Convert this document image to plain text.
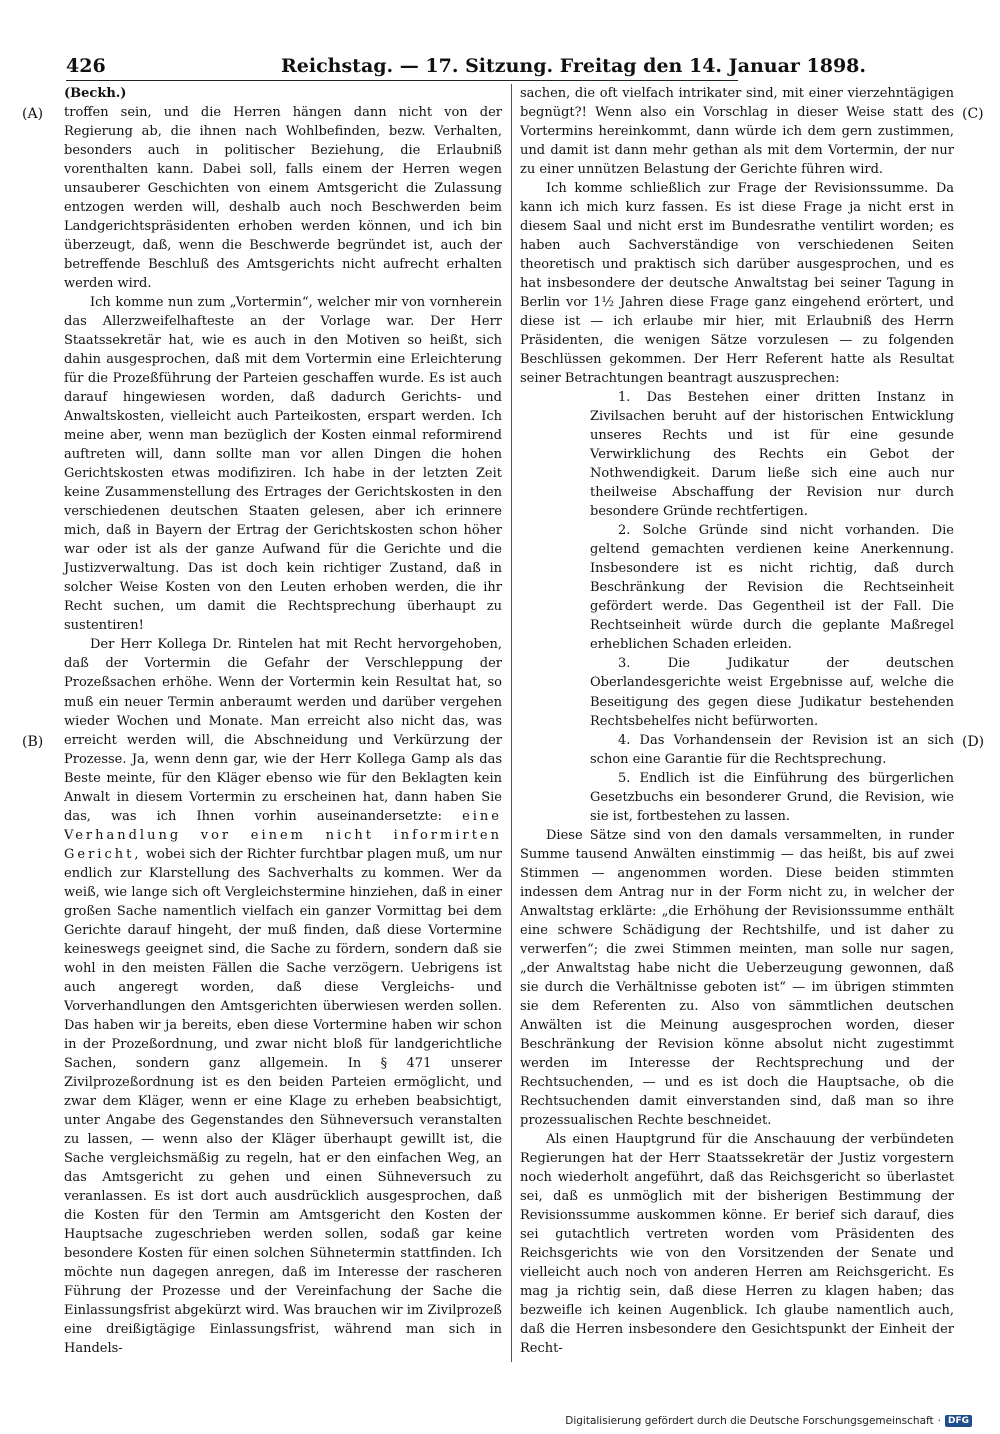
426	Reichstag. — 17. Sitzung. Freitag den 14. Januar 1898.
(A)
(B)
(C)
(D)

(Beckh.)

troffen sein, und die Herren hängen dann nicht von der Regierung ab, die ihnen nach Wohlbefinden, bezw. Verhalten, besonders auch in politischer Beziehung, die Erlaubniß vorenthalten kann. Dabei soll, falls einem der Herren wegen unsauberer Geschichten von einem Amtsgericht die Zulassung entzogen werden will, deshalb auch noch Beschwerden beim Landgerichtspräsidenten erhoben werden können, und ich bin überzeugt, daß, wenn die Beschwerde begründet ist, auch der betreffende Beschluß des Amtsgerichts nicht aufrecht erhalten werden wird.

Ich komme nun zum „Vortermin“, welcher mir von vornherein das Allerzweifelhafteste an der Vorlage war. Der Herr Staatssekretär hat, wie es auch in den Motiven so heißt, sich dahin ausgesprochen, daß mit dem Vortermin eine Erleichterung für die Prozeßführung der Parteien geschaffen wurde. Es ist auch darauf hingewiesen worden, daß dadurch Gerichts- und Anwaltskosten, vielleicht auch Parteikosten, erspart werden. Ich meine aber, wenn man bezüglich der Kosten einmal reformirend auftreten will, dann sollte man vor allen Dingen die hohen Gerichtskosten etwas modifiziren. Ich habe in der letzten Zeit keine Zusammenstellung des Ertrages der Gerichtskosten in den verschiedenen deutschen Staaten gelesen, aber ich erinnere mich, daß in Bayern der Ertrag der Gerichtskosten schon höher war oder ist als der ganze Aufwand für die Gerichte und die Justizverwaltung. Das ist doch kein richtiger Zustand, daß in solcher Weise Kosten von den Leuten erhoben werden, die ihr Recht suchen, um damit die Rechtsprechung überhaupt zu sustentiren!

Der Herr Kollega Dr. Rintelen hat mit Recht hervorgehoben, daß der Vortermin die Gefahr der Verschleppung der Prozeßsachen erhöhe. Wenn der Vortermin kein Resultat hat, so muß ein neuer Termin anberaumt werden und darüber vergehen wieder Wochen und Monate. Man erreicht also nicht das, was erreicht werden will, die Abschneidung und Verkürzung der Prozesse. Ja, wenn denn gar, wie der Herr Kollega Gamp als das Beste meinte, für den Kläger ebenso wie für den Beklagten kein Anwalt in diesem Vortermin zu erscheinen hat, dann haben Sie das, was ich Ihnen vorhin auseinandersetzte: eine Verhandlung vor einem nicht informirten Gericht, wobei sich der Richter furchtbar plagen muß, um nur endlich zur Klarstellung des Sachverhalts zu kommen. Wer da weiß, wie lange sich oft Vergleichstermine hinziehen, daß in einer großen Sache namentlich vielfach ein ganzer Vormittag bei dem Gerichte darauf hingeht, der muß finden, daß diese Vortermine keineswegs geeignet sind, die Sache zu fördern, sondern daß sie wohl in den meisten Fällen die Sache verzögern. Uebrigens ist auch angeregt worden, daß diese Vergleichs- und Vorverhandlungen den Amtsgerichten überwiesen werden sollen. Das haben wir ja bereits, eben diese Vortermine haben wir schon in der Prozeßordnung, und zwar nicht bloß für landgerichtliche Sachen, sondern ganz allgemein. In § 471 unserer Zivilprozeßordnung ist es den beiden Parteien ermöglicht, und zwar dem Kläger, wenn er eine Klage zu erheben beabsichtigt, unter Angabe des Gegenstandes den Sühneversuch veranstalten zu lassen, — wenn also der Kläger überhaupt gewillt ist, die Sache vergleichsmäßig zu regeln, hat er den einfachen Weg, an das Amtsgericht zu gehen und einen Sühneversuch zu veranlassen. Es ist dort auch ausdrücklich ausgesprochen, daß die Kosten für den Termin am Amtsgericht den Kosten der Hauptsache zugeschrieben werden sollen, sodaß gar keine besondere Kosten für einen solchen Sühnetermin stattfinden. Ich möchte nun dagegen anregen, daß im Interesse der rascheren Führung der Prozesse und der Vereinfachung der Sache die Einlassungsfrist abgekürzt wird. Was brauchen wir im Zivilprozeß eine dreißigtägige Einlassungsfrist, während man sich in Handels-

sachen, die oft vielfach intrikater sind, mit einer vierzehntägigen begnügt?! Wenn also ein Vorschlag in dieser Weise statt des Vortermins hereinkommt, dann würde ich dem gern zustimmen, und damit ist dann mehr gethan als mit dem Vortermin, der nur zu einer unnützen Belastung der Gerichte führen wird.

Ich komme schließlich zur Frage der Revisionssumme. Da kann ich mich kurz fassen. Es ist diese Frage ja nicht erst in diesem Saal und nicht erst im Bundesrathe ventilirt worden; es haben auch Sachverständige von verschiedenen Seiten theoretisch und praktisch sich darüber ausgesprochen, und es hat insbesondere der deutsche Anwaltstag bei seiner Tagung in Berlin vor 1½ Jahren diese Frage ganz eingehend erörtert, und diese ist — ich erlaube mir hier, mit Erlaubniß des Herrn Präsidenten, die wenigen Sätze vorzulesen — zu folgenden Beschlüssen gekommen. Der Herr Referent hatte als Resultat seiner Betrachtungen beantragt auszusprechen:

1. Das Bestehen einer dritten Instanz in Zivilsachen beruht auf der historischen Entwicklung unseres Rechts und ist für eine gesunde Verwirklichung des Rechts ein Gebot der Nothwendigkeit. Darum ließe sich eine auch nur theilweise Abschaffung der Revision nur durch besondere Gründe rechtfertigen.

2. Solche Gründe sind nicht vorhanden. Die geltend gemachten verdienen keine Anerkennung. Insbesondere ist es nicht richtig, daß durch Beschränkung der Revision die Rechtseinheit gefördert werde. Das Gegentheil ist der Fall. Die Rechtseinheit würde durch die geplante Maßregel erheblichen Schaden erleiden.

3. Die Judikatur der deutschen Oberlandesgerichte weist Ergebnisse auf, welche die Beseitigung des gegen diese Judikatur bestehenden Rechtsbehelfes nicht befürworten.

4. Das Vorhandensein der Revision ist an sich schon eine Garantie für die Rechtsprechung.

5. Endlich ist die Einführung des bürgerlichen Gesetzbuchs ein besonderer Grund, die Revision, wie sie ist, fortbestehen zu lassen.

Diese Sätze sind von den damals versammelten, in runder Summe tausend Anwälten einstimmig — das heißt, bis auf zwei Stimmen — angenommen worden. Diese beiden stimmten indessen dem Antrag nur in der Form nicht zu, in welcher der Anwaltstag erklärte: „die Erhöhung der Revisionssumme enthält eine schwere Schädigung der Rechtshilfe, und ist daher zu verwerfen“; die zwei Stimmen meinten, man solle nur sagen, „der Anwaltstag habe nicht die Ueberzeugung gewonnen, daß sie durch die Verhältnisse geboten ist“ — im übrigen stimmten sie dem Referenten zu. Also von sämmtlichen deutschen Anwälten ist die Meinung ausgesprochen worden, dieser Beschränkung der Revision könne absolut nicht zugestimmt werden im Interesse der Rechtsprechung und der Rechtsuchenden, — und es ist doch die Hauptsache, ob die Rechtsuchenden damit einverstanden sind, daß man so ihre prozessualischen Rechte beschneidet.

Als einen Hauptgrund für die Anschauung der verbündeten Regierungen hat der Herr Staatssekretär der Justiz vorgestern noch wiederholt angeführt, daß das Reichsgericht so überlastet sei, daß es unmöglich mit der bisherigen Bestimmung der Revisionssumme auskommen könne. Er berief sich darauf, dies sei gutachtlich vertreten worden vom Präsidenten des Reichsgerichts wie von den Vorsitzenden der Senate und vielleicht auch noch von anderen Herren am Reichsgericht. Es mag ja richtig sein, daß diese Herren zu klagen haben; das bezweifle ich keinen Augenblick. Ich glaube namentlich auch, daß die Herren insbesondere den Gesichtspunkt der Einheit der Recht-

Digitalisierung gefördert durch die Deutsche Forschungsgemeinschaft · DFG
